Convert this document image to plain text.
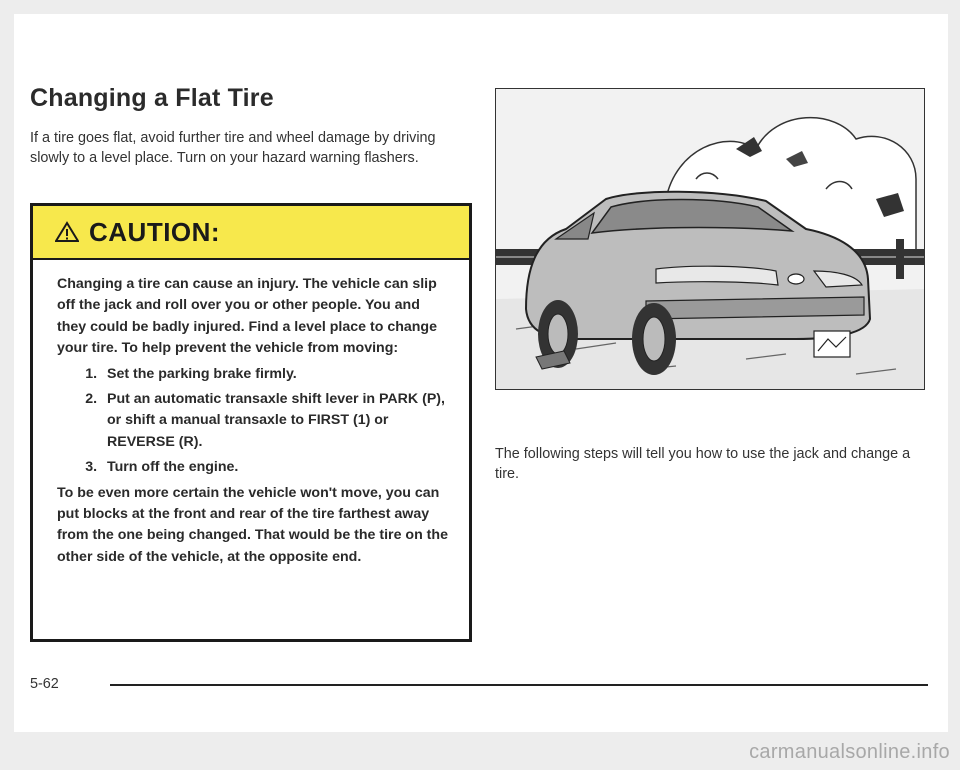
Changing a Flat Tire

If a tire goes flat, avoid further tire and wheel damage by driving slowly to a level place. Turn on your hazard warning flashers.

CAUTION:

Changing a tire can cause an injury. The vehicle can slip off the jack and roll over you or other people. You and they could be badly injured. Find a level place to change your tire. To help prevent the vehicle from moving:

1. Set the parking brake firmly.
2. Put an automatic transaxle shift lever in PARK (P), or shift a manual transaxle to FIRST (1) or REVERSE (R).
3. Turn off the engine.

To be even more certain the vehicle won't move, you can put blocks at the front and rear of the tire farthest away from the one being changed. That would be the tire on the other side of the vehicle, at the opposite end.

The following steps will tell you how to use the jack and change a tire.

5-62
carmanualsonline.info
